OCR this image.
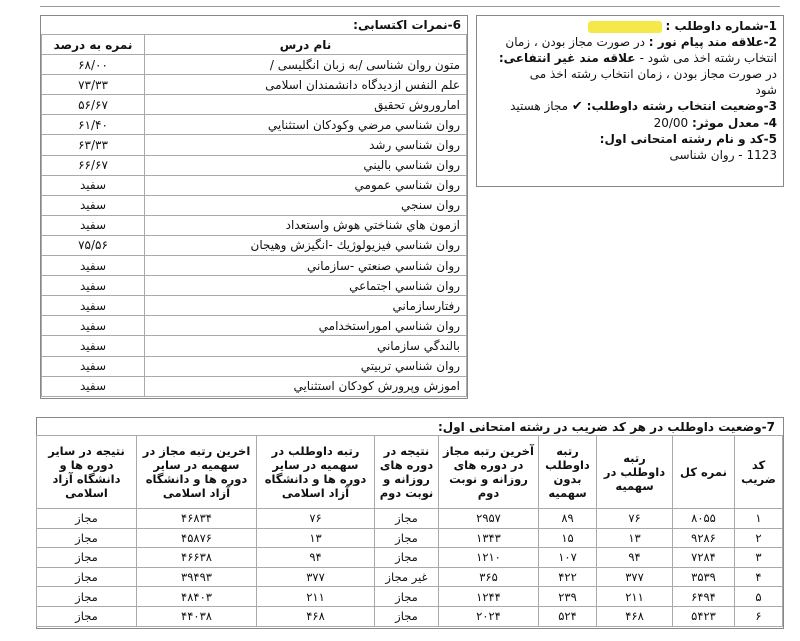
1-شماره داوطلب :
2-علاقه مند پیام نور : در صورت مجاز بودن ، زمان
انتخاب رشته اخذ می شود - علاقه مند غیر انتفاعی:
در صورت مجاز بودن ، زمان انتخاب رشته اخذ می
شود
3-وضعیت انتخاب رشته داوطلب: ✔ مجاز هستید
4- معدل موثر: 20/00
5-کد و نام رشته امتحانی اول:
1123 - روان شناسی
6-نمرات اکتسابی:
نام درس	نمره به درصد
متون روان شناسی /به زبان انگلیسی /	۶۸/۰۰
علم النفس ازدیدگاه دانشمندان اسلامی	۷۳/۳۳
اماروروش تحقیق	۵۶/۶۷
روان شناسي مرضي وكودكان استثنايي	۶۱/۴۰
روان شناسي رشد	۶۳/۳۳
روان شناسي باليني	۶۶/۶۷
روان شناسي عمومي	سفيد
روان سنجي	سفيد
ازمون هاي شناختي هوش واستعداد	سفيد
روان شناسي فيزيولوژيك -انگيزش وهيجان	۷۵/۵۶
روان شناسي صنعتي -سازماني	سفيد
روان شناسي اجتماعي	سفيد
رفتارسازماني	سفيد
روان شناسي اموراستخدامي	سفيد
بالندگي سازماني	سفيد
روان شناسي تربيتي	سفيد
اموزش وپرورش كودكان استثنايي	سفيد
7-وضعیت داوطلب در هر کد ضریب در رشته امتحانی اول:
کد ضریب	نمره کل	رتبه داوطلب در سهمیه	رتبه داوطلب بدون سهمیه	آخرین رتبه مجاز در دوره های روزانه و نوبت دوم	نتیجه در دوره های روزانه و نوبت دوم	رتبه داوطلب در سهمیه در سایر دوره ها و دانشگاه آزاد اسلامی	اخرین رتبه مجاز در سهمیه در سایر دوره ها و دانشگاه آزاد اسلامی	نتیجه در سایر دوره ها و دانشگاه آزاد اسلامی
۱	۸۰۵۵	۷۶	۸۹	۲۹۵۷	مجاز	۷۶	۴۶۸۳۴	مجاز
۲	۹۲۸۶	۱۳	۱۵	۱۳۴۳	مجاز	۱۳	۴۵۸۷۶	مجاز
۳	۷۲۸۴	۹۴	۱۰۷	۱۲۱۰	مجاز	۹۴	۴۶۶۳۸	مجاز
۴	۳۵۳۹	۳۷۷	۴۲۲	۳۶۵	غیر مجاز	۳۷۷	۳۹۴۹۳	مجاز
۵	۶۴۹۴	۲۱۱	۲۳۹	۱۲۴۴	مجاز	۲۱۱	۴۸۴۰۳	مجاز
۶	۵۴۲۳	۴۶۸	۵۲۴	۲۰۲۴	مجاز	۴۶۸	۴۴۰۳۸	مجاز
